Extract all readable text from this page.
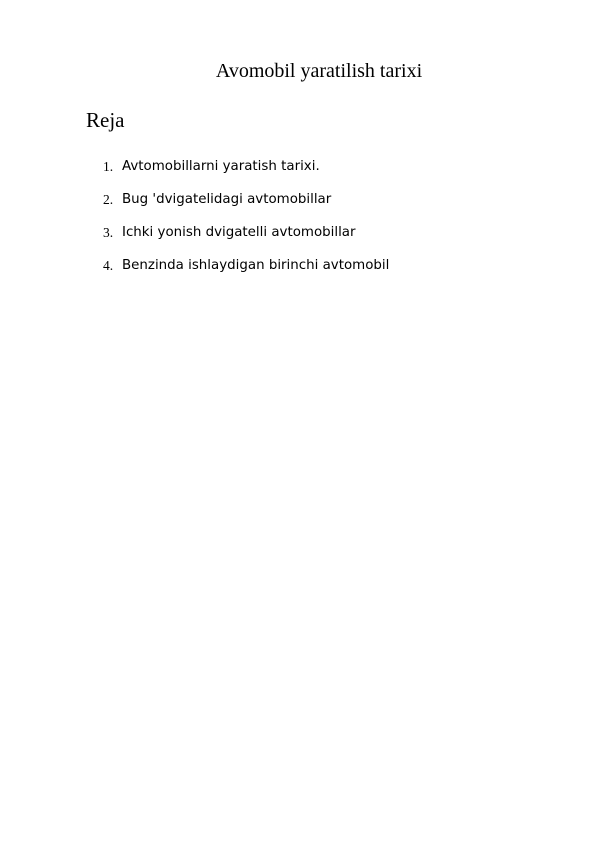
Avomobil yaratilish tarixi
Reja
1. Avtomobillarni yaratish tarixi.
2. Bug 'dvigatelidagi avtomobillar
3. Ichki yonish dvigatelli avtomobillar
4. Benzinda ishlaydigan birinchi avtomobil
